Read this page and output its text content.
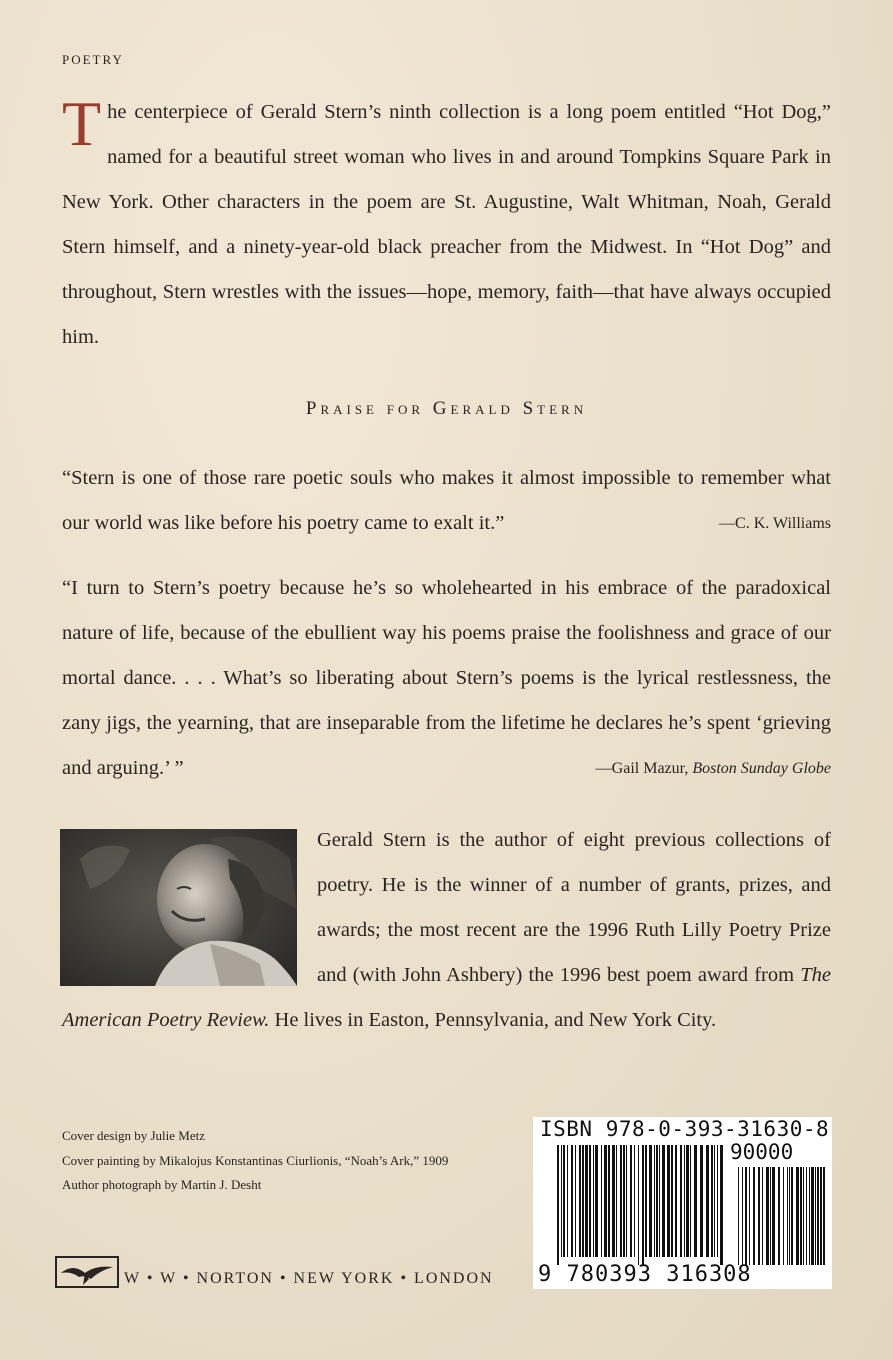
POETRY
T he centerpiece of Gerald Stern’s ninth collection is a long poem entitled “Hot Dog,” named for a beautiful street woman who lives in and around Tompkins Square Park in New York. Other characters in the poem are St. Augustine, Walt Whitman, Noah, Gerald Stern himself, and a ninety-year-old black preacher from the Midwest. In “Hot Dog” and throughout, Stern wrestles with the issues—hope, memory, faith—that have always occupied him.
Praise for Gerald Stern
“Stern is one of those rare poetic souls who makes it almost impossible to remember what our world was like before his poetry came to exalt it.”	—C. K. Williams
“I turn to Stern’s poetry because he’s so wholehearted in his embrace of the paradoxical nature of life, because of the ebullient way his poems praise the foolishness and grace of our mortal dance. . . . What’s so liberating about Stern’s poems is the lyrical restlessness, the zany jigs, the yearning, that are inseparable from the lifetime he declares he’s spent ‘grieving and arguing.’ ”	—Gail Mazur, Boston Sunday Globe
Gerald Stern is the author of eight previous collections of poetry. He is the winner of a number of grants, prizes, and awards; the most recent are the 1996 Ruth Lilly Poetry Prize and (with John Ashbery) the 1996 best poem award from The American Poetry Review. He lives in Easton, Pennsylvania, and New York City.
Cover design by Julie Metz
Cover painting by Mikalojus Konstantinas Ciurlionis, “Noah’s Ark,” 1909
Author photograph by Martin J. Desht
ISBN 978-0-393-31630-8
90000
9 780393 316308
W • W • NORTON • NEW YORK • LONDON
